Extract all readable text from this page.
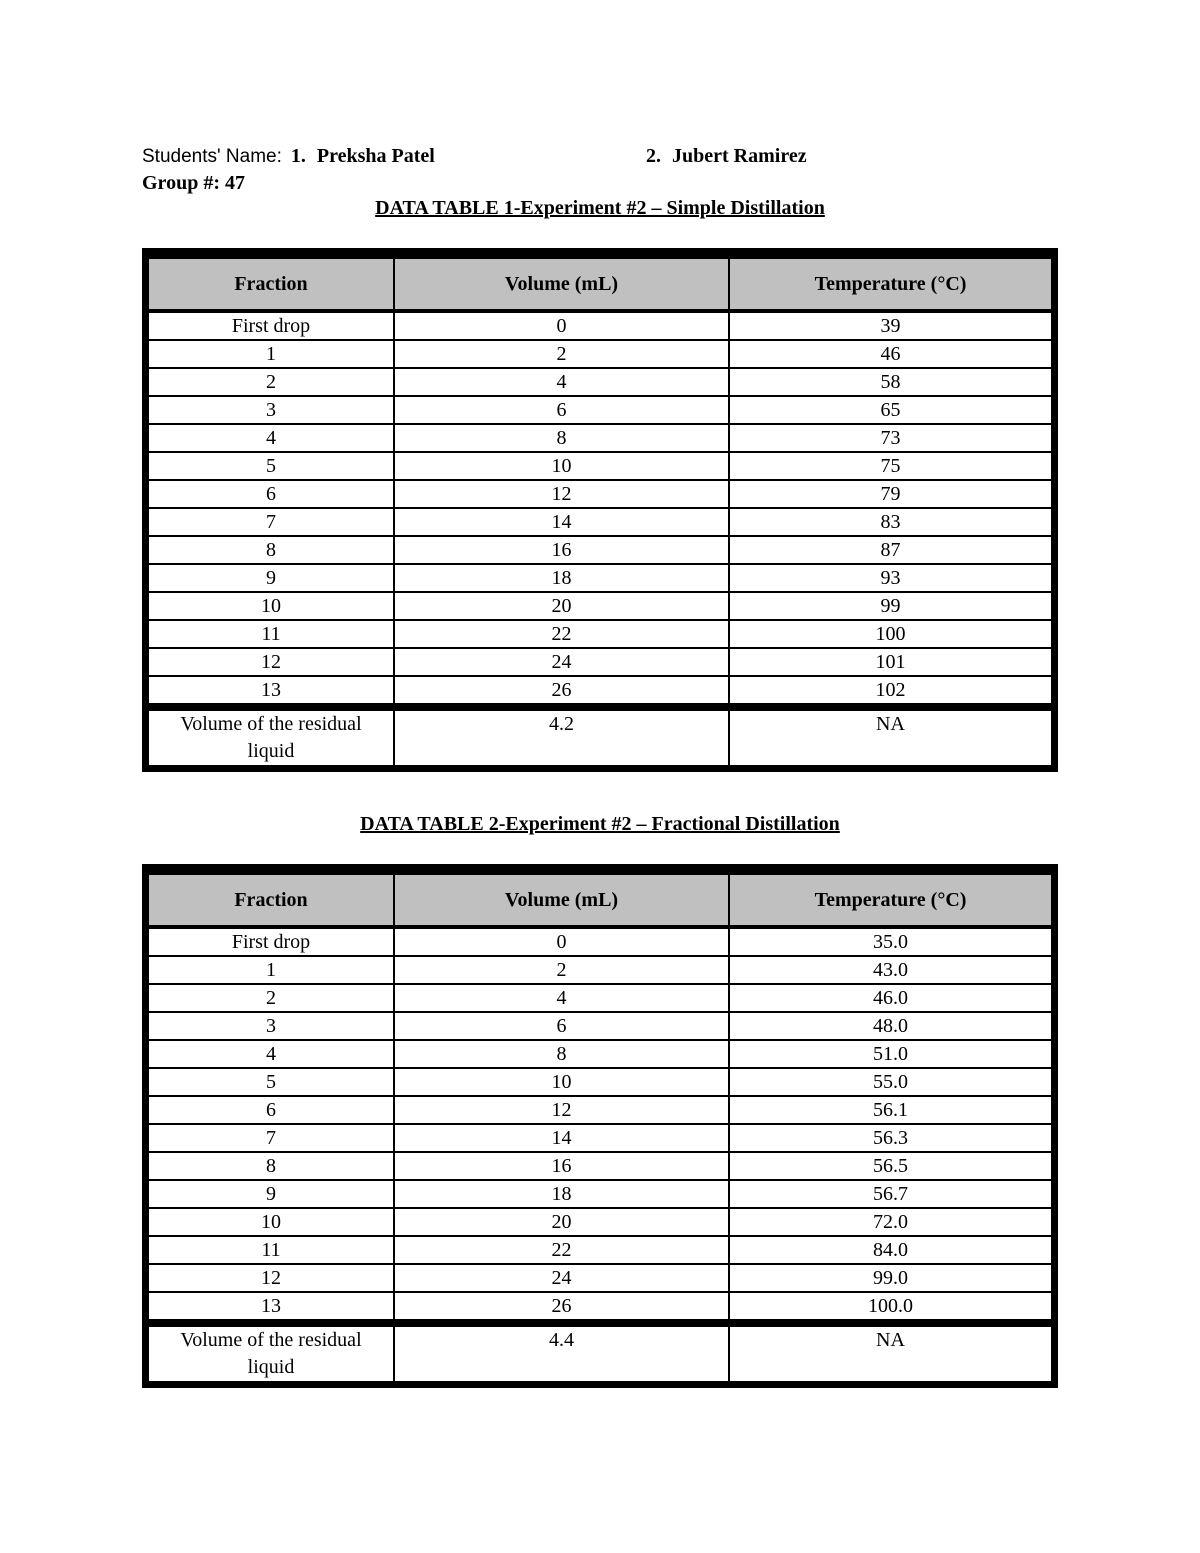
Students' Name: 1. Preksha Patel	2. Jubert Ramirez
Group #: 47
DATA TABLE 1-Experiment #2 – Simple Distillation
Fraction	Volume (mL)	Temperature (°C)
First drop	0	39
1	2	46
2	4	58
3	6	65
4	8	73
5	10	75
6	12	79
7	14	83
8	16	87
9	18	93
10	20	99
11	22	100
12	24	101
13	26	102

Volume of the residual liquid	4.2	NA
DATA TABLE 2-Experiment #2 – Fractional Distillation
Fraction	Volume (mL)	Temperature (°C)
First drop	0	35.0
1	2	43.0
2	4	46.0
3	6	48.0
4	8	51.0
5	10	55.0
6	12	56.1
7	14	56.3
8	16	56.5
9	18	56.7
10	20	72.0
11	22	84.0
12	24	99.0
13	26	100.0

Volume of the residual liquid	4.4	NA
